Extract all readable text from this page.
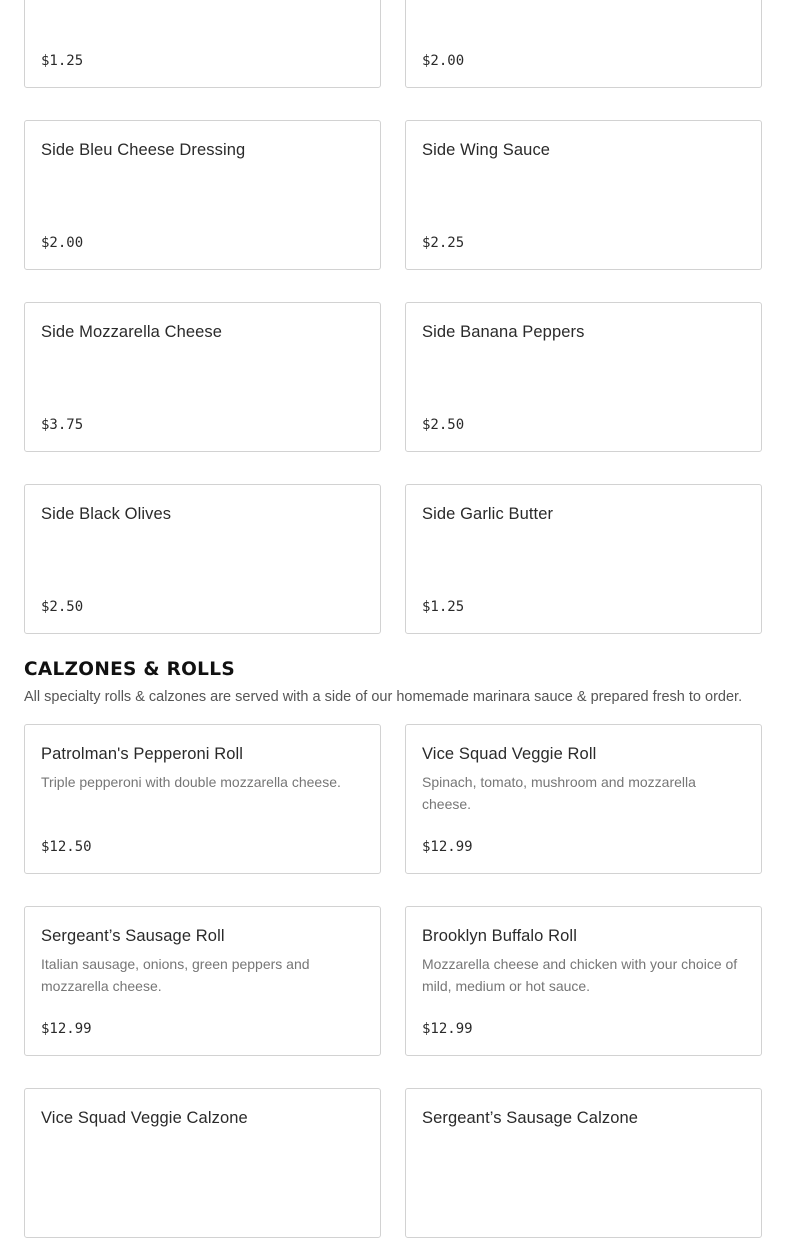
$1.25	$2.00
Side Bleu Cheese Dressing
$2.00
Side Wing Sauce
$2.25
Side Mozzarella Cheese
$3.75
Side Banana Peppers
$2.50
Side Black Olives
$2.50
Side Garlic Butter
$1.25
CALZONES & ROLLS

All specialty rolls & calzones are served with a side of our homemade marinara sauce & prepared fresh to order.

Patrolman's Pepperoni Roll
Triple pepperoni with double mozzarella cheese.
$12.50
Vice Squad Veggie Roll
Spinach, tomato, mushroom and mozzarella cheese.
$12.99
Sergeant’s Sausage Roll
Italian sausage, onions, green peppers and mozzarella cheese.
$12.99
Brooklyn Buffalo Roll
Mozzarella cheese and chicken with your choice of mild, medium or hot sauce.
$12.99
Vice Squad Veggie Calzone	Sergeant’s Sausage Calzone
